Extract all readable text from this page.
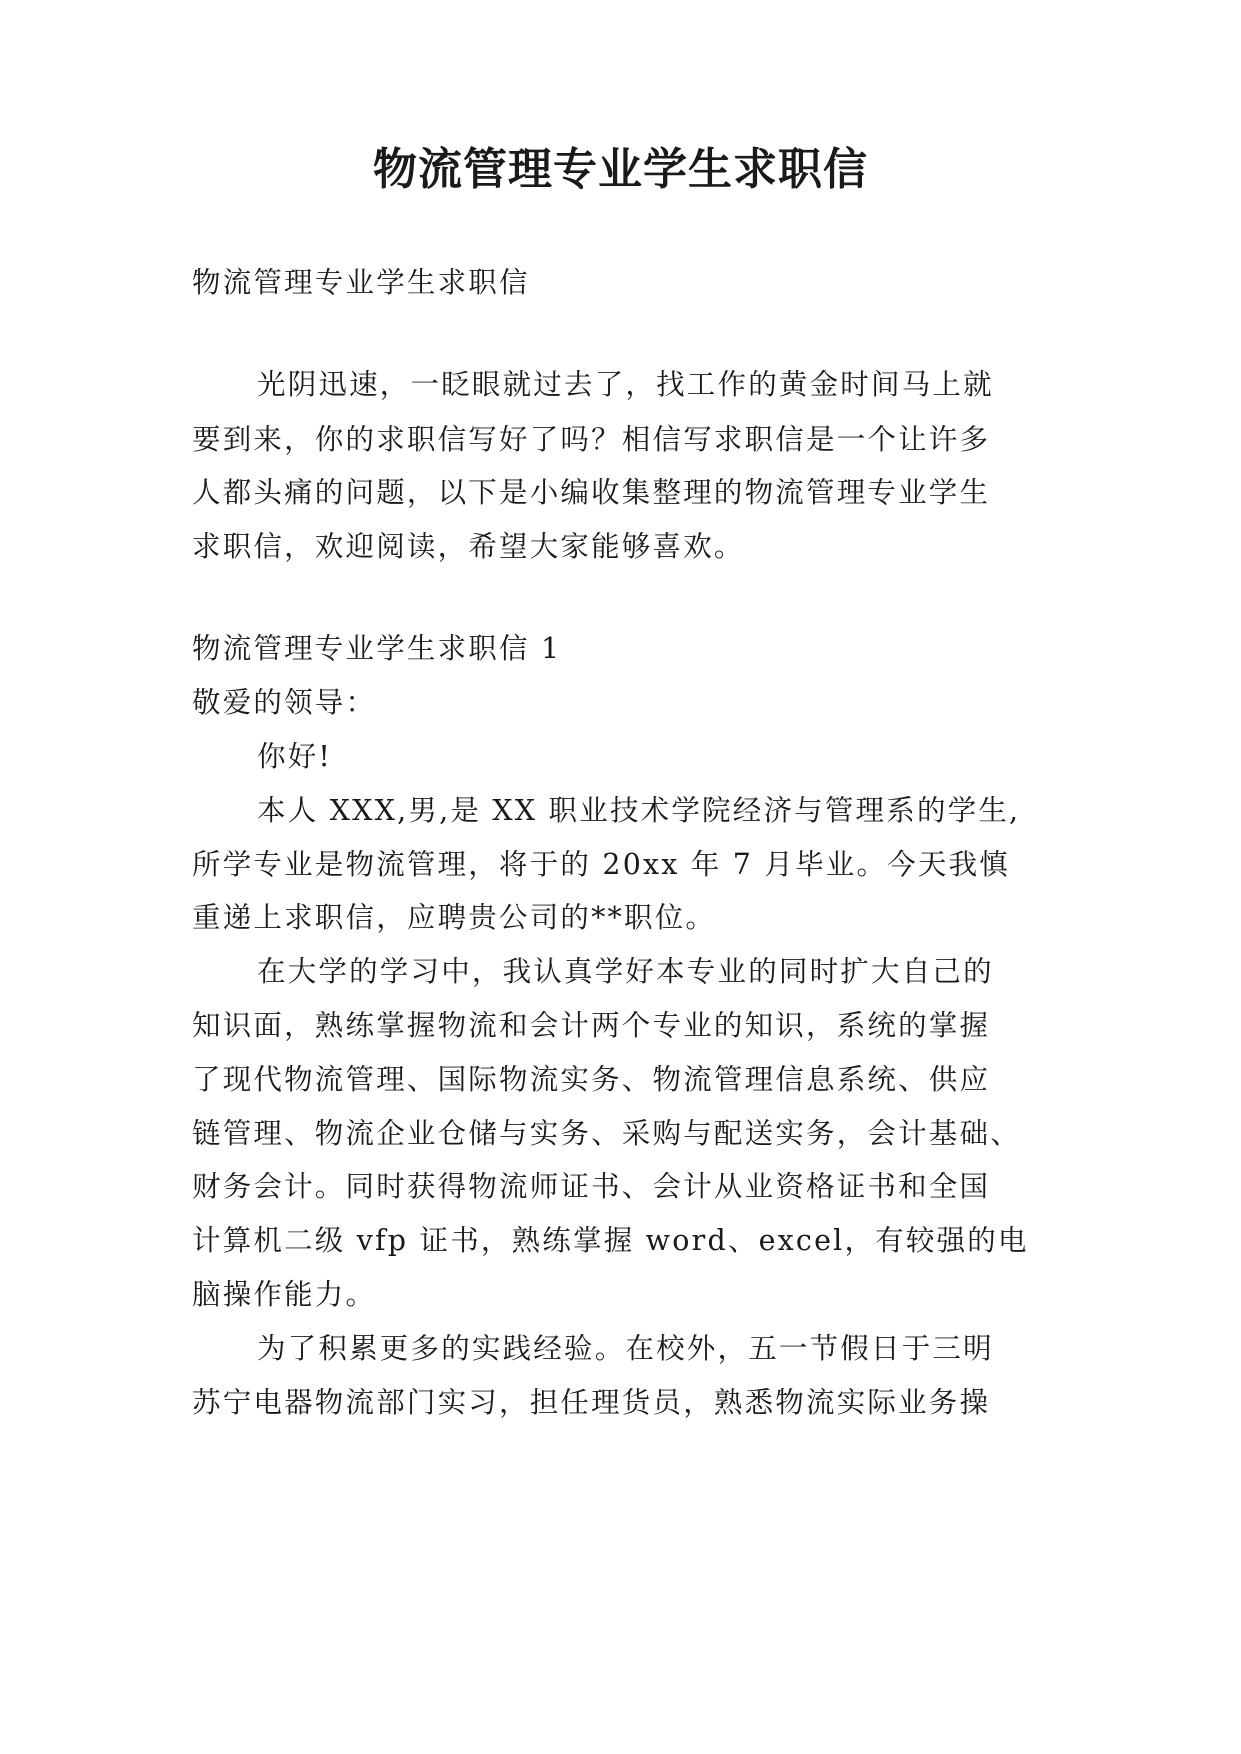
物流管理专业学生求职信
物流管理专业学生求职信
光阴迅速，一眨眼就过去了，找工作的黄金时间马上就
要到来，你的求职信写好了吗？相信写求职信是一个让许多
人都头痛的问题，以下是小编收集整理的物流管理专业学生
求职信，欢迎阅读，希望大家能够喜欢。
物流管理专业学生求职信 1
敬爱的领导：
你好!
本人 XXX,男,是 XX 职业技术学院经济与管理系的学生,
所学专业是物流管理，将于的 20xx 年 7 月毕业。今天我慎
重递上求职信，应聘贵公司的**职位。
在大学的学习中，我认真学好本专业的同时扩大自己的
知识面，熟练掌握物流和会计两个专业的知识，系统的掌握
了现代物流管理、国际物流实务、物流管理信息系统、供应
链管理、物流企业仓储与实务、采购与配送实务，会计基础、
财务会计。同时获得物流师证书、会计从业资格证书和全国
计算机二级 vfp 证书，熟练掌握 word、excel，有较强的电
脑操作能力。
为了积累更多的实践经验。在校外，五一节假日于三明
苏宁电器物流部门实习，担任理货员，熟悉物流实际业务操
